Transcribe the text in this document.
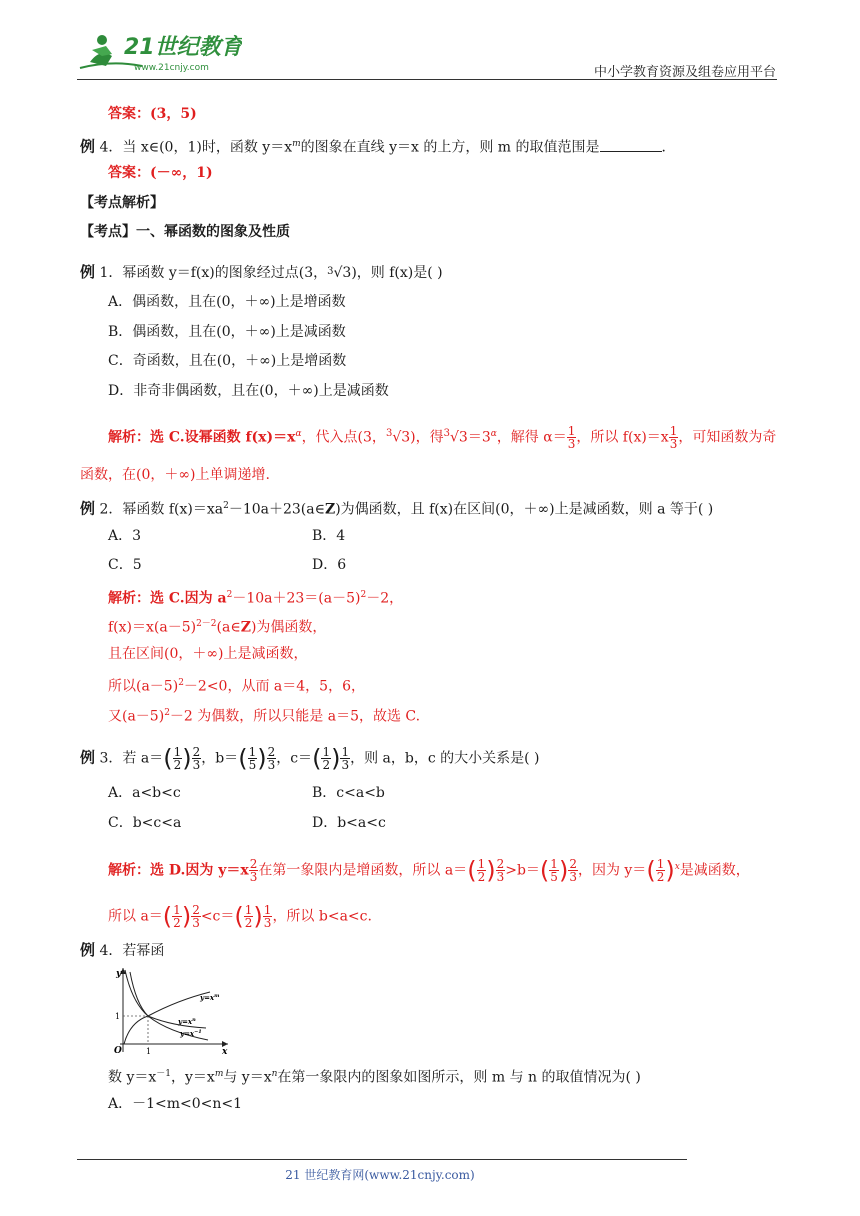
21世纪教育
www.21cnjy.com	中小学教育资源及组卷应用平台
答案：(3，5)
例 4．当 x∈(0，1)时，函数 $y=x^m$的图象在直线 y＝x 的上方，则 m 的取值范围是	．
答案：(－∞，1)
【考点解析】
【考点】一、幂函数的图象及性质
例 1．幂函数 y＝f(x)的图象经过点(3，$^3$√3)，则 f(x)是( )
A．偶函数，且在(0，＋∞)上是增函数
B．偶函数，且在(0，＋∞)上是减函数
C．奇函数，且在(0，＋∞)上是增函数
D．非奇非偶函数，且在(0，＋∞)上是减函数
解析：选 C.设幂函数 $f(x)=x^\alpha$，代入点(3，$^3$√3)，得$^3√3=3^\alpha$，解得 $\alpha= \frac{1}{3}$ ，所以 $f(x)=x \frac{1}{3}$ ，可知函数为奇
函数，在(0，＋∞)上单调递增.
例 2．幂函数 $f(x)=xa^2-10a+23(a\in Z)$为偶函数，且 f(x)在区间(0，＋∞)上是减函数，则 a 等于( )
A．3	B．4
C．5	D．6
解析：选 C.因为 $a^2-10a+23=(a-5)^2-2$，
$f(x)=x(a-5)^{2-2}(a\in Z)$为偶函数，
且在区间(0，＋∞)上是减函数，
所以$(a-5)^2-2<0$，从而 a＝4，5，6，
又$(a-5)^2-2$ 为偶数，所以只能是 a＝5，故选 C.
例 3．若 $a=( \frac{1}{2}$ ) $\frac{2}{3}$ ，$b=( \frac{1}{5}$ ) $\frac{2}{3}$ ，$c=( \frac{1}{2}$ ) $\frac{1}{3}$ ，则 a，b，c 的大小关系是( )
A．a<b<c	B．c<a<b
C．b<c<a	D．b<a<c
解析：选 D.因为 $y=x \frac{2}{3}$ 在第一象限内是增函数，所以 $a=( \frac{1}{2}$ ) $\frac{2}{3} >b=( \frac{1}{5}$ ) $\frac{2}{3}$ ，因为 $y=( \frac{1}{2} )^x$是减函数，
所以 $a=( \frac{1}{2}$ ) $\frac{2}{3} <c=( \frac{1}{2}$ ) $\frac{1}{3}$ ，所以 b<a<c.
例 4．若幂函
y
x
O	1
1
$y=x^m$
$y=x^n$
$y=x^{-1}$
数 $y=x^{-1}$，$y=x^m$与 $y=x^n$在第一象限内的图象如图所示，则 m 与 n 的取值情况为( )
A．－1<m<0<n<1
21 世纪教育网(www.21cnjy.com)
